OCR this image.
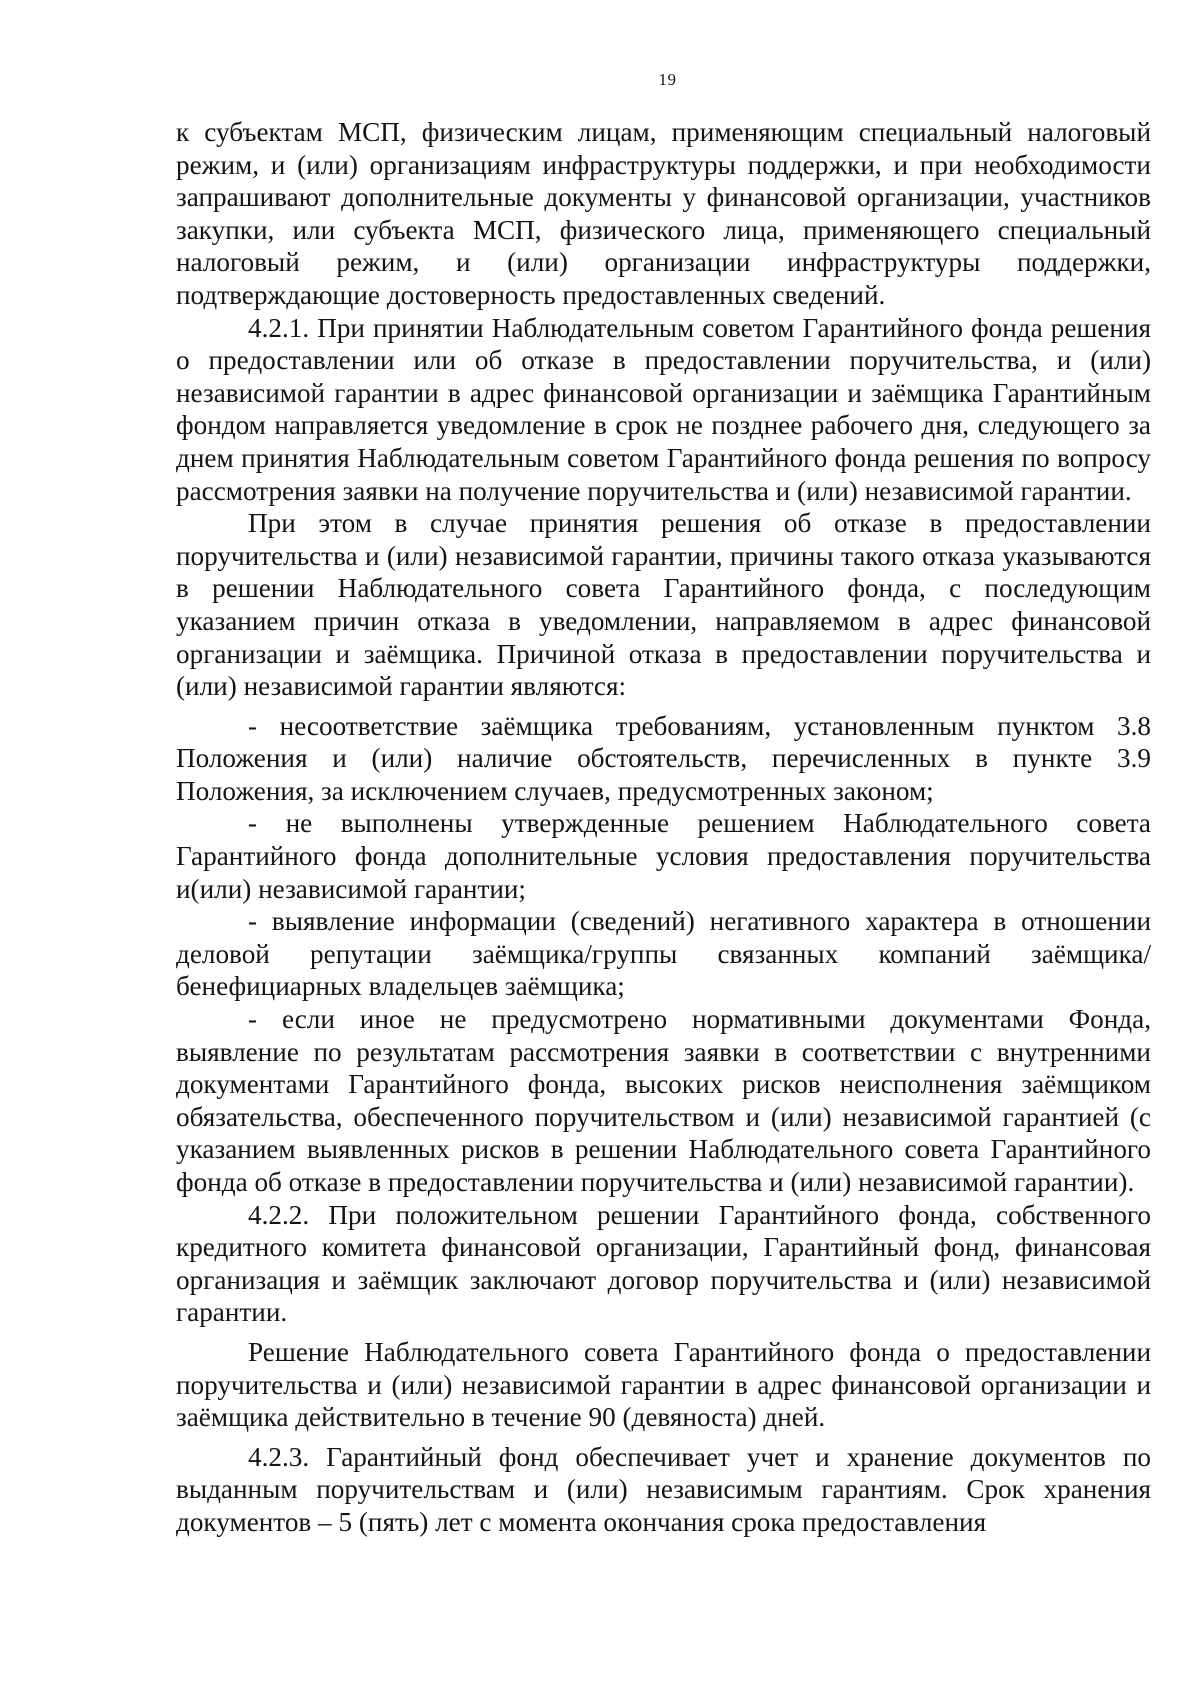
19

к субъектам МСП, физическим лицам, применяющим специальный налоговый режим, и (или) организациям инфраструктуры поддержки, и при необходимости запрашивают дополнительные документы у финансовой организации, участников закупки, или субъекта МСП, физического лица, применяющего специальный налоговый режим, и (или) организации инфраструктуры поддержки, подтверждающие достоверность предоставленных сведений.

4.2.1. При принятии Наблюдательным советом Гарантийного фонда решения о предоставлении или об отказе в предоставлении поручительства, и (или) независимой гарантии в адрес финансовой организации и заёмщика Гарантийным фондом направляется уведомление в срок не позднее рабочего дня, следующего за днем принятия Наблюдательным советом Гарантийного фонда решения по вопросу рассмотрения заявки на получение поручительства и (или) независимой гарантии.

При этом в случае принятия решения об отказе в предоставлении поручительства и (или) независимой гарантии, причины такого отказа указываются в решении Наблюдательного совета Гарантийного фонда, с последующим указанием причин отказа в уведомлении, направляемом в адрес финансовой организации и заёмщика. Причиной отказа в предоставлении поручительства и (или) независимой гарантии являются:

- несоответствие заёмщика требованиям, установленным пунктом 3.8 Положения и (или) наличие обстоятельств, перечисленных в пункте 3.9 Положения, за исключением случаев, предусмотренных законом;

- не выполнены утвержденные решением Наблюдательного совета Гарантийного фонда дополнительные условия предоставления поручительства и(или) независимой гарантии;

- выявление информации (сведений) негативного характера в отношении деловой репутации заёмщика/группы связанных компаний заёмщика/бенефициарных владельцев заёмщика;

- если иное не предусмотрено нормативными документами Фонда, выявление по результатам рассмотрения заявки в соответствии с внутренними документами Гарантийного фонда, высоких рисков неисполнения заёмщиком обязательства, обеспеченного поручительством и (или) независимой гарантией (с указанием выявленных рисков в решении Наблюдательного совета Гарантийного фонда об отказе в предоставлении поручительства и (или) независимой гарантии).

4.2.2. При положительном решении Гарантийного фонда, собственного кредитного комитета финансовой организации, Гарантийный фонд, финансовая организация и заёмщик заключают договор поручительства и (или) независимой гарантии.

Решение Наблюдательного совета Гарантийного фонда о предоставлении поручительства и (или) независимой гарантии в адрес финансовой организации и заёмщика действительно в течение 90 (девяноста) дней.

4.2.3. Гарантийный фонд обеспечивает учет и хранение документов по выданным поручительствам и (или) независимым гарантиям. Срок хранения документов – 5 (пять) лет с момента окончания срока предоставления
